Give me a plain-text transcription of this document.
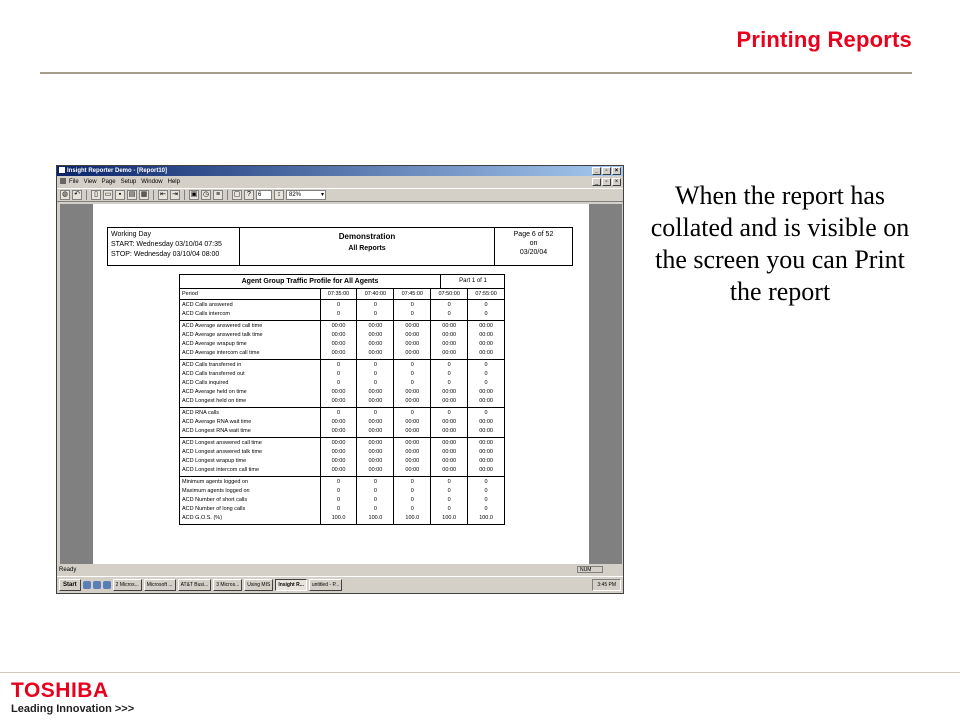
Printing Reports
When the report has collated and is visible on the screen you can Print the report
Insight Reporter Demo - [Report10]	_	▫	×
File View Page Setup Window Help	_	▫	×
◍ ↶	▯ ▭	▪	▤ ▦ ⇤ ⇥ ▣ ◷ ≡	▢ ?	6	↕	82% ▾
Working Day
START: Wednesday 03/10/04 07:35
STOP: Wednesday 03/10/04 08:00
Demonstration
All Reports
Page 6 of 52
on
03/20/04
Agent Group Traffic Profile for All Agents	Part 1 of 1
Period	07:35:00	07:40:00	07:45:00	07:50:00	07:55:00
ACD Calls answered
ACD Calls intercom
0
0
0
0
0
0
0
0
0
0
ACD Average answered call time
ACD Average answered talk time
ACD Average wrapup time
ACD Average intercom call time
00:00
00:00
00:00
00:00
00:00
00:00
00:00
00:00
00:00
00:00
00:00
00:00
00:00
00:00
00:00
00:00
00:00
00:00
00:00
00:00
ACD Calls transferred in
ACD Calls transferred out
ACD Calls inquired
ACD Average held on time
ACD Longest held on time
0
0
0
00:00
00:00
0
0
0
00:00
00:00
0
0
0
00:00
00:00
0
0
0
00:00
00:00
0
0
0
00:00
00:00
ACD RNA calls
ACD Average RNA wait time
ACD Longest RNA wait time
0
00:00
00:00
0
00:00
00:00
0
00:00
00:00
0
00:00
00:00
0
00:00
00:00
ACD Longest answered call time
ACD Longest answered talk time
ACD Longest wrapup time
ACD Longest intercom call time
00:00
00:00
00:00
00:00
00:00
00:00
00:00
00:00
00:00
00:00
00:00
00:00
00:00
00:00
00:00
00:00
00:00
00:00
00:00
00:00
Minimum agents logged on
Maximum agents logged on
ACD Number of short calls
ACD Number of long calls
ACD G.O.S. (%)
0
0
0
0
100.0
0
0
0
0
100.0
0
0
0
0
100.0
0
0
0
0
100.0
0
0
0
0
100.0
Ready	NUM
Start	2 Micros...	Microsoft ...	AT&T Busi...	3 Micros...	Using MIS	Insight R...	untitled - P...	3:45 PM
TOSHIBA
Leading Innovation >>>
